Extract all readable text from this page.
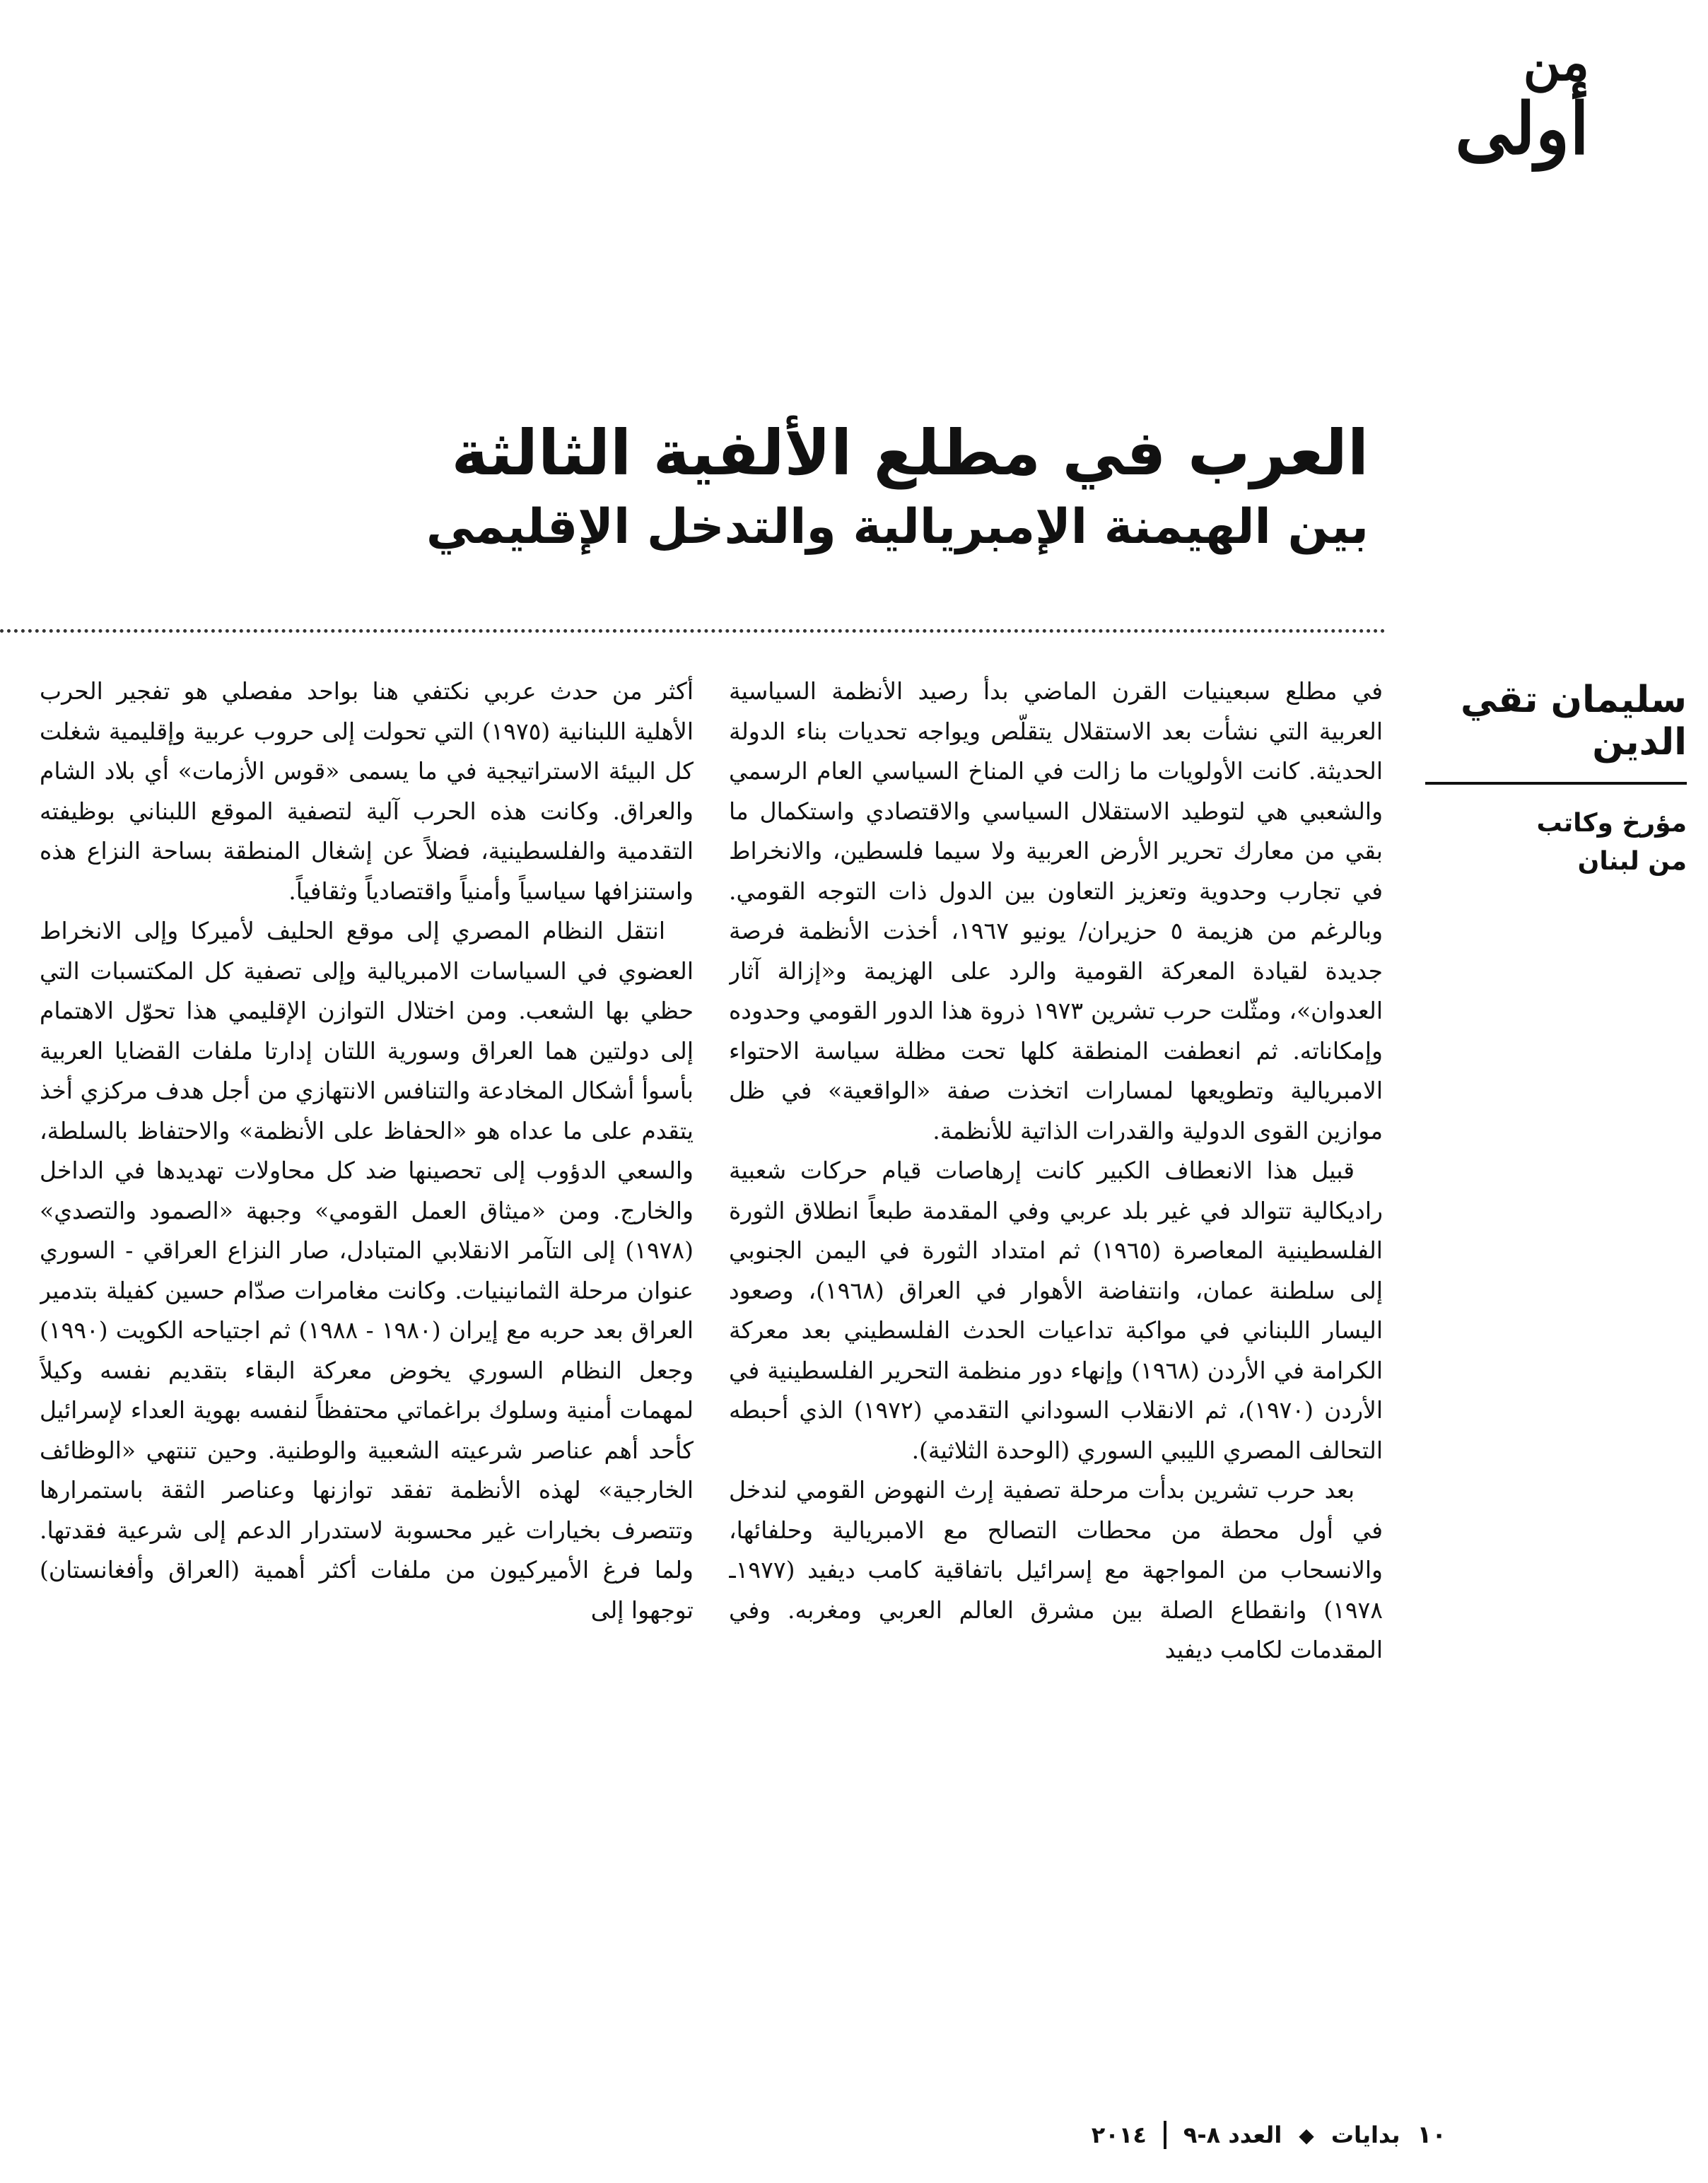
من
أولى
العرب في مطلع الألفية الثالثة
بين الهيمنة الإمبريالية والتدخل الإقليمي
سليمان تقي الدين
مؤرخ وكاتب
من لبنان

في مطلع سبعينيات القرن الماضي بدأ رصيد الأنظمة السياسية العربية التي نشأت بعد الاستقلال يتقلّص ويواجه تحديات بناء الدولة الحديثة. كانت الأولويات ما زالت في المناخ السياسي العام الرسمي والشعبي هي لتوطيد الاستقلال السياسي والاقتصادي واستكمال ما بقي من معارك تحرير الأرض العربية ولا سيما فلسطين، والانخراط في تجارب وحدوية وتعزيز التعاون بين الدول ذات التوجه القومي. وبالرغم من هزيمة ٥ حزيران/ يونيو ١٩٦٧، أخذت الأنظمة فرصة جديدة لقيادة المعركة القومية والرد على الهزيمة و«إزالة آثار العدوان»، ومثّلت حرب تشرين ١٩٧٣ ذروة هذا الدور القومي وحدوده وإمكاناته. ثم انعطفت المنطقة كلها تحت مظلة سياسة الاحتواء الامبريالية وتطويعها لمسارات اتخذت صفة «الواقعية» في ظل موازين القوى الدولية والقدرات الذاتية للأنظمة.

قبيل هذا الانعطاف الكبير كانت إرهاصات قيام حركات شعبية راديكالية تتوالد في غير بلد عربي وفي المقدمة طبعاً انطلاق الثورة الفلسطينية المعاصرة (١٩٦٥) ثم امتداد الثورة في اليمن الجنوبي إلى سلطنة عمان، وانتفاضة الأهوار في العراق (١٩٦٨)، وصعود اليسار اللبناني في مواكبة تداعيات الحدث الفلسطيني بعد معركة الكرامة في الأردن (١٩٦٨) وإنهاء دور منظمة التحرير الفلسطينية في الأردن (١٩٧٠)، ثم الانقلاب السوداني التقدمي (١٩٧٢) الذي أحبطه التحالف المصري الليبي السوري (الوحدة الثلاثية).

بعد حرب تشرين بدأت مرحلة تصفية إرث النهوض القومي لندخل في أول محطة من محطات التصالح مع الامبريالية وحلفائها، والانسحاب من المواجهة مع إسرائيل باتفاقية كامب ديفيد (١٩٧٧ـ ١٩٧٨) وانقطاع الصلة بين مشرق العالم العربي ومغربه. وفي المقدمات لكامب ديفيد

أكثر من حدث عربي نكتفي هنا بواحد مفصلي هو تفجير الحرب الأهلية اللبنانية (١٩٧٥) التي تحولت إلى حروب عربية وإقليمية شغلت كل البيئة الاستراتيجية في ما يسمى «قوس الأزمات» أي بلاد الشام والعراق. وكانت هذه الحرب آلية لتصفية الموقع اللبناني بوظيفته التقدمية والفلسطينية، فضلاً عن إشغال المنطقة بساحة النزاع هذه واستنزافها سياسياً وأمنياً واقتصادياً وثقافياً.

انتقل النظام المصري إلى موقع الحليف لأميركا وإلى الانخراط العضوي في السياسات الامبريالية وإلى تصفية كل المكتسبات التي حظي بها الشعب. ومن اختلال التوازن الإقليمي هذا تحوّل الاهتمام إلى دولتين هما العراق وسورية اللتان إدارتا ملفات القضايا العربية بأسوأ أشكال المخادعة والتنافس الانتهازي من أجل هدف مركزي أخذ يتقدم على ما عداه هو «الحفاظ على الأنظمة» والاحتفاظ بالسلطة، والسعي الدؤوب إلى تحصينها ضد كل محاولات تهديدها في الداخل والخارج. ومن «ميثاق العمل القومي» وجبهة «الصمود والتصدي» (١٩٧٨) إلى التآمر الانقلابي المتبادل، صار النزاع العراقي - السوري عنوان مرحلة الثمانينيات. وكانت مغامرات صدّام حسين كفيلة بتدمير العراق بعد حربه مع إيران (١٩٨٠ - ١٩٨٨) ثم اجتياحه الكويت (١٩٩٠) وجعل النظام السوري يخوض معركة البقاء بتقديم نفسه وكيلاً لمهمات أمنية وسلوك براغماتي محتفظاً لنفسه بهوية العداء لإسرائيل كأحد أهم عناصر شرعيته الشعبية والوطنية. وحين تنتهي «الوظائف الخارجية» لهذه الأنظمة تفقد توازنها وعناصر الثقة باستمرارها وتتصرف بخيارات غير محسوبة لاستدرار الدعم إلى شرعية فقدتها. ولما فرغ الأميركيون من ملفات أكثر أهمية (العراق وأفغانستان) توجهوا إلى

١٠
بدايات
◆
العدد ٨-٩
٢٠١٤
